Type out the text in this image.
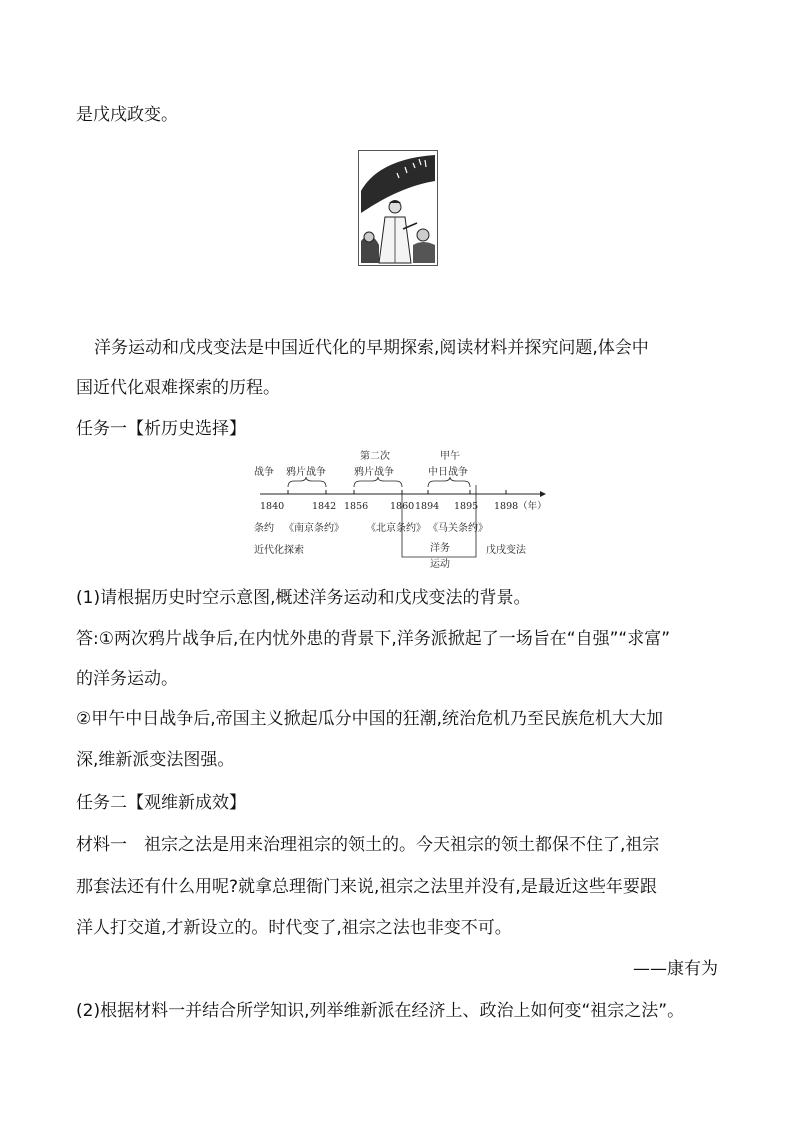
是戊戌政变。
洋务运动和戊戌变法是中国近代化的早期探索,阅读材料并探究问题,体会中
国近代化艰难探索的历程。
任务一【析历史选择】
战争 鸦片战争
第二次
鸦片战争
甲午
中日战争
1840	1842 1856 1860 1894 1895 1898（年）
条约 《南京条约》 《北京条约》 《马关条约》
近代化探索	洋务
运动
戊戌变法
(1)请根据历史时空示意图,概述洋务运动和戊戌变法的背景。
答:①两次鸦片战争后,在内忧外患的背景下,洋务派掀起了一场旨在“自强”“求富”
的洋务运动。
②甲午中日战争后,帝国主义掀起瓜分中国的狂潮,统治危机乃至民族危机大大加
深,维新派变法图强。
任务二【观维新成效】
材料一　祖宗之法是用来治理祖宗的领土的。今天祖宗的领土都保不住了,祖宗
那套法还有什么用呢?就拿总理衙门来说,祖宗之法里并没有,是最近这些年要跟
洋人打交道,才新设立的。时代变了,祖宗之法也非变不可。
——康有为
(2)根据材料一并结合所学知识,列举维新派在经济上、政治上如何变“祖宗之法”。
